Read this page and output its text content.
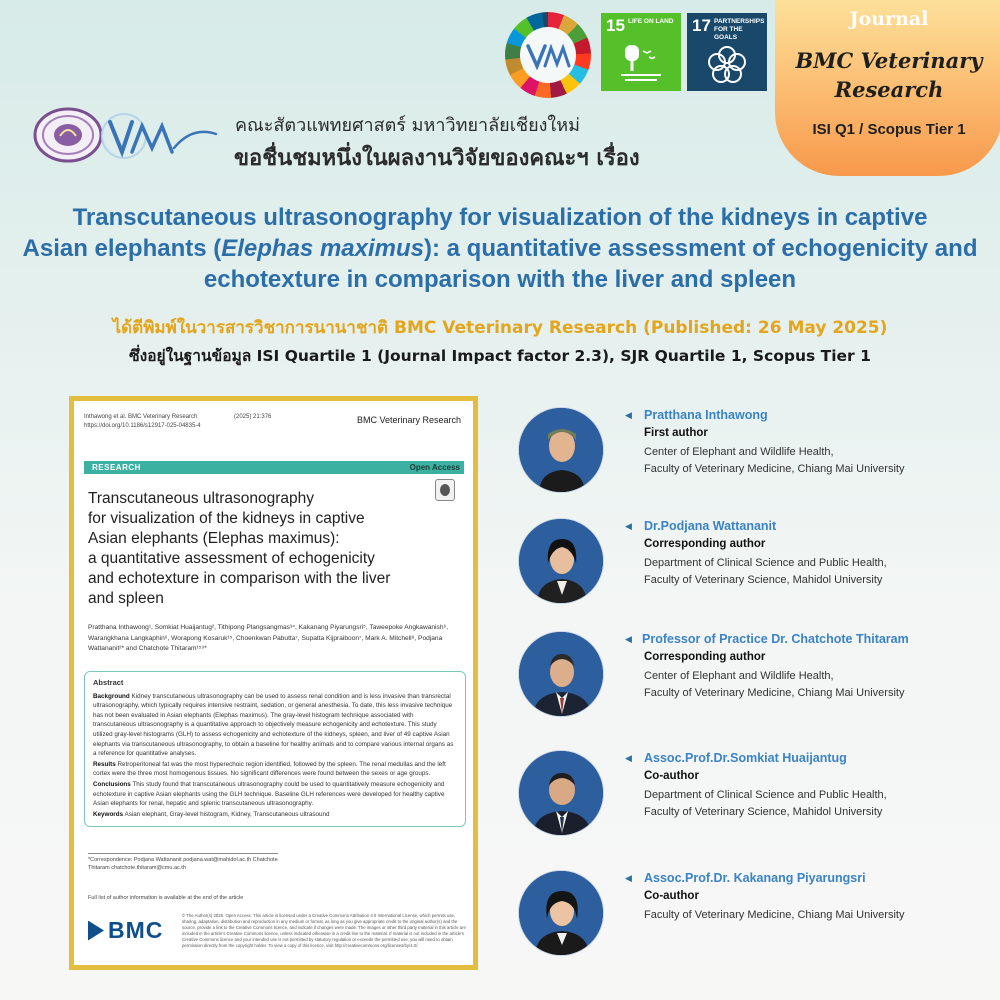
15 LIFE ON LAND 17 PARTNERSHIPS FOR THE GOALS
Journal
BMC Veterinary
Research
ISI Q1 / Scopus Tier 1
คณะสัตวแพทยศาสตร์ มหาวิทยาลัยเชียงใหม่
ขอชื่นชมหนึ่งในผลงานวิจัยของคณะฯ เรื่อง
Transcutaneous ultrasonography for visualization of the kidneys in captive
Asian elephants (Elephas maximus): a quantitative assessment of echogenicity and
echotexture in comparison with the liver and spleen
ได้ตีพิมพ์ในวารสารวิชาการนานาชาติ BMC Veterinary Research (Published: 26 May 2025)
ซึ่งอยู่ในฐานข้อมูล ISI Quartile 1 (Journal Impact factor 2.3), SJR Quartile 1, Scopus Tier 1
Inthawong et al. BMC Veterinary Research	(2025) 21:376
https://doi.org/10.1186/s12917-025-04835-4
BMC Veterinary Research
RESEARCH	Open Access
Transcutaneous ultrasonography
for visualization of the kidneys in captive
Asian elephants (Elephas maximus):
a quantitative assessment of echogenicity
and echotexture in comparison with the liver
and spleen
Pratthana Inthawong¹, Somkiat Huaijantug², Tithipong Plangsangmas³⁴, Kakanang Piyarungsri⁵, Taweepoke Angkawanish⁶, Warangkhana Langkaphin⁶, Worapong Kosaruk¹⁵, Choenkwan Pabutta⁷, Supatta Kijpraiboon⁷, Mark A. Mitchell⁸, Podjana Wattananit²* and Chatchote Thitaram¹⁵⁹*
Abstract

Background Kidney transcutaneous ultrasonography can be used to assess renal condition and is less invasive than transrectal ultrasonography, which typically requires intensive restraint, sedation, or general anesthesia. To date, this less invasive technique has not been evaluated in Asian elephants (Elephas maximus). The gray-level histogram technique associated with transcutaneous ultrasonography is a quantitative approach to objectively measure echogenicity and echotexture. This study utilized gray-level histograms (GLH) to assess echogenicity and echotexture of the kidneys, spleen, and liver of 49 captive Asian elephants via transcutaneous ultrasonography, to obtain a baseline for healthy animals and to compare various internal organs as a reference for quantitative analyses.

Results Retroperitoneal fat was the most hyperechoic region identified, followed by the spleen. The renal medullas and the left cortex were the three most homogenous tissues. No significant differences were found between the sexes or age groups.

Conclusions This study found that transcutaneous ultrasonography could be used to quantitatively measure echogenicity and echotexture in captive Asian elephants using the GLH technique. Baseline GLH references were developed for healthy captive Asian elephants for renal, hepatic and splenic transcutaneous ultrasonography.

Keywords Asian elephant, Gray-level histogram, Kidney, Transcutaneous ultrasound

*Correspondence: Podjana Wattananit podjana.wat@mahidol.ac.th Chatchote Thitaram chatchote.thitaram@cmu.ac.th
Full list of author information is available at the end of the article
BMC
© The Author(s) 2025. Open Access. This article is licensed under a Creative Commons Attribution 4.0 International License, which permits use, sharing, adaptation, distribution and reproduction in any medium or format, as long as you give appropriate credit to the original author(s) and the source, provide a link to the Creative Commons licence, and indicate if changes were made. The images or other third party material in this article are included in the article's Creative Commons licence, unless indicated otherwise in a credit line to the material. If material is not included in the article's Creative Commons licence and your intended use is not permitted by statutory regulation or exceeds the permitted use, you will need to obtain permission directly from the copyright holder. To view a copy of this licence, visit http://creativecommons.org/licenses/by/4.0/.
◀ Pratthana Inthawong
First author
Center of Elephant and Wildlife Health,
Faculty of Veterinary Medicine, Chiang Mai University
◀ Dr.Podjana Wattananit
Corresponding author
Department of Clinical Science and Public Health,
Faculty of Veterinary Science, Mahidol University
◀ Professor of Practice Dr. Chatchote Thitaram
Corresponding author
Center of Elephant and Wildlife Health,
Faculty of Veterinary Medicine, Chiang Mai University
◀ Assoc.Prof.Dr.Somkiat Huaijantug
Co-author
Department of Clinical Science and Public Health,
Faculty of Veterinary Science, Mahidol University
◀ Assoc.Prof.Dr. Kakanang Piyarungsri
Co-author
Faculty of Veterinary Medicine, Chiang Mai University
